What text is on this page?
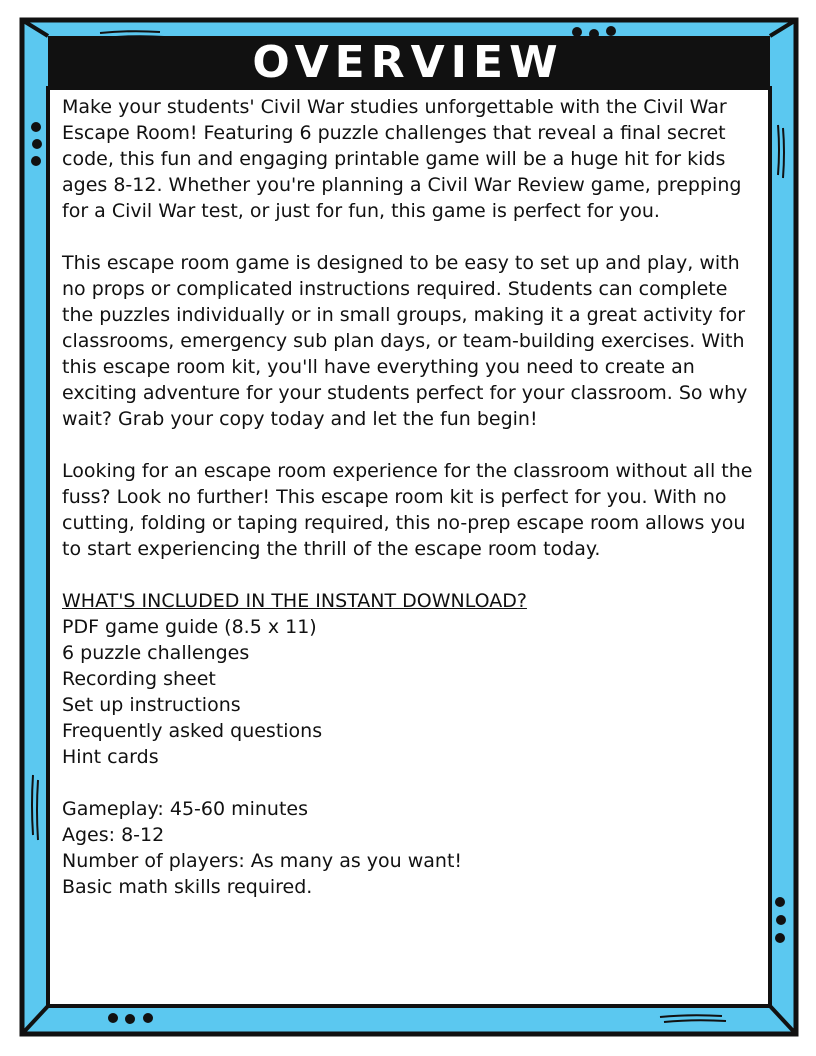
OVERVIEW

Make your students' Civil War studies unforgettable with the Civil War Escape Room! Featuring 6 puzzle challenges that reveal a final secret code, this fun and engaging printable game will be a huge hit for kids ages 8-12. Whether you're planning a Civil War Review game, prepping for a Civil War test, or just for fun, this game is perfect for you.

This escape room game is designed to be easy to set up and play, with no props or complicated instructions required. Students can complete the puzzles individually or in small groups, making it a great activity for classrooms, emergency sub plan days, or team-building exercises. With this escape room kit, you'll have everything you need to create an exciting adventure for your students perfect for your classroom. So why wait? Grab your copy today and let the fun begin!

Looking for an escape room experience for the classroom without all the fuss? Look no further! This escape room kit is perfect for you. With no cutting, folding or taping required, this no-prep escape room allows you to start experiencing the thrill of the escape room today.

WHAT'S INCLUDED IN THE INSTANT DOWNLOAD?
PDF game guide (8.5 x 11)
6 puzzle challenges
Recording sheet
Set up instructions
Frequently asked questions
Hint cards
Gameplay: 45-60 minutes
Ages: 8-12
Number of players: As many as you want!
Basic math skills required.
